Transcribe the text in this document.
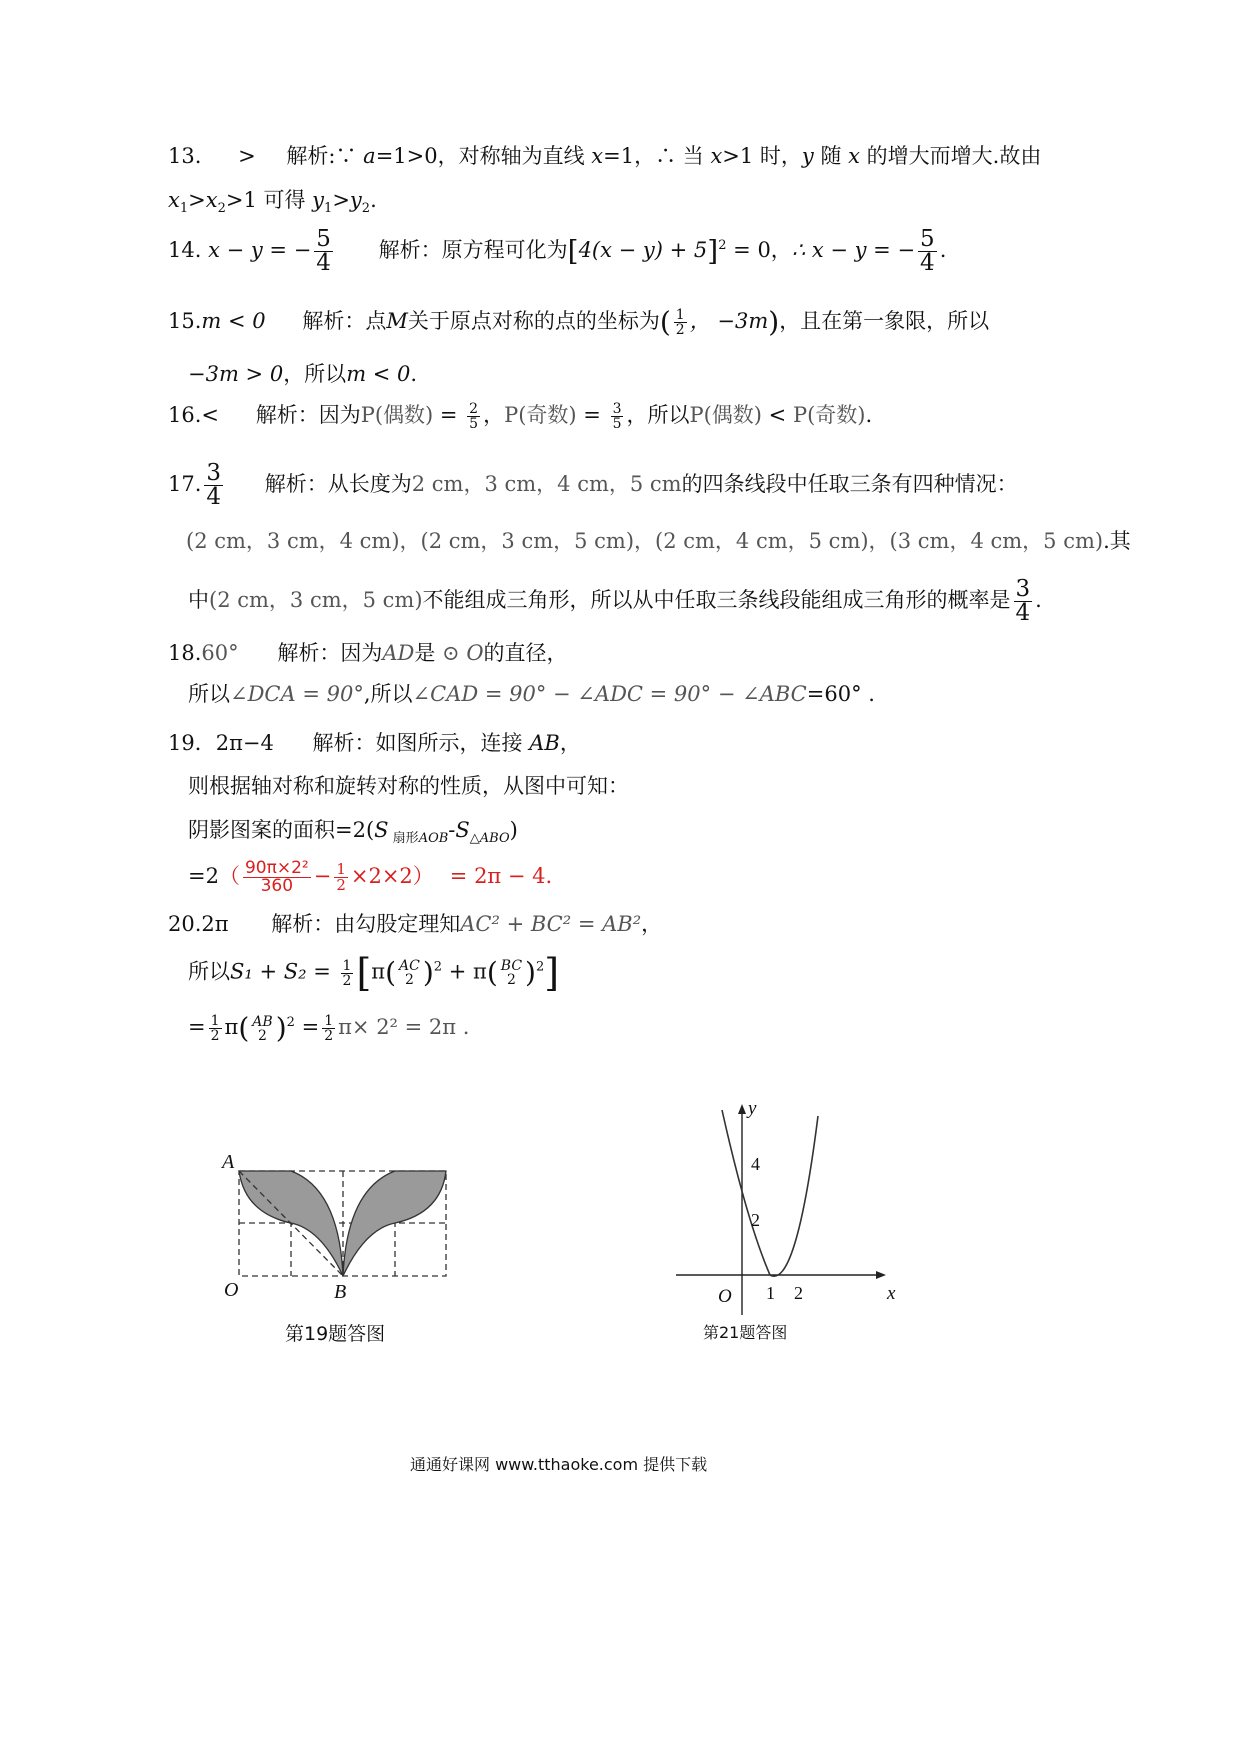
13. > 解析:∵ a=1>0，对称轴为直线 x=1，∴ 当 x>1 时，y 随 x 的增大而增大.故由
$x_1>x_2>1$ 可得 $y_1>y_2$.
14. x − y = − $\frac{5}{4}$ 解析：原方程可化为$[4(x - y) + 5]^2 = 0$，∴ x − y = − $\frac{5}{4}$ .
15.m < 0 解析：点M关于原点对称的点的坐标为( $\frac{1}{2}$ ， −3m)，且在第一象限，所以
−3m > 0，所以m < 0.
16.< 解析：因为P(偶数) = $\frac{2}{5}$ ，P(奇数) = $\frac{3}{5}$ ，所以P(偶数) < P(奇数).
17. $\frac{3}{4}$ 解析：从长度为2 cm，3 cm，4 cm，5 cm的四条线段中任取三条有四种情况：
(2 cm，3 cm，4 cm)，(2 cm，3 cm，5 cm)，(2 cm，4 cm，5 cm)，(3 cm，4 cm，5 cm).其
中(2 cm，3 cm，5 cm)不能组成三角形，所以从中任取三条线段能组成三角形的概率是 $\frac{3}{4}$ .
18.60° 解析：因为AD是 ⊙ O的直径，
所以∠DCA = 90°,所以∠CAD = 90° − ∠ADC = 90° − ∠ABC=60° .
19．2π−4 解析：如图所示，连接 AB，
则根据轴对称和旋转对称的性质，从图中可知：
阴影图案的面积=2(S $_{扇形AOB}-S_{\triangle ABO}$)
$=2( \frac{\text{90π×2²}}{360} - \frac{1}{2} \times 2\times 2) = 2\pi - 4$.
20.2π 解析：由勾股定理知AC² + BC² = AB²，
所以$S_1 + S_2 = \frac{1}{2} [\pi$( AC
2 )$^2$ + π( BC
2 )$^2$]
= $\frac{1}{2} \pi$( AB
2 )$^2 = \frac{1}{2} \pi\times 2^2 = 2\pi$ .
A
O	B
第19题答图
y
x
O
4
2
1 2
第21题答图
通通好课网 www.tthaoke.com 提供下载
